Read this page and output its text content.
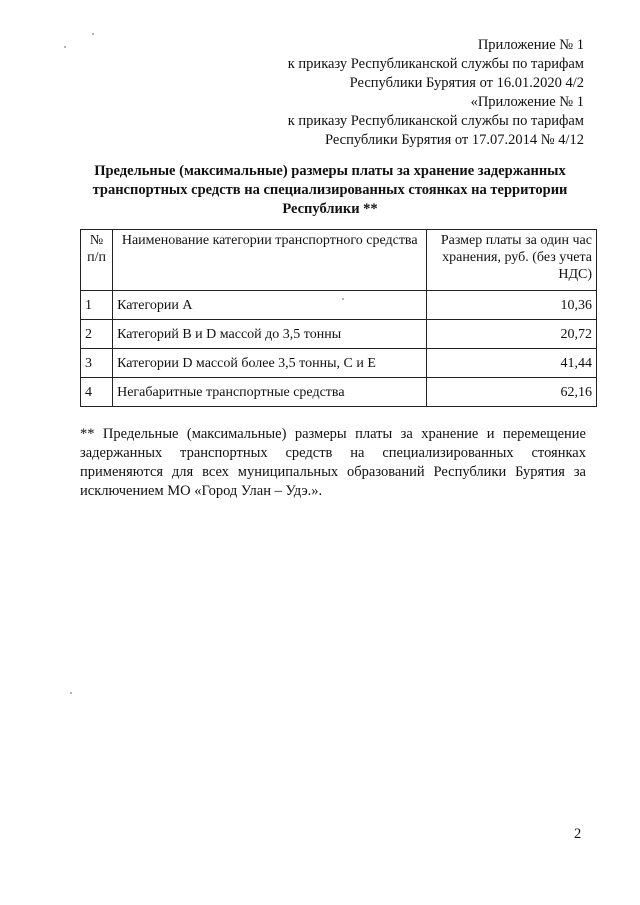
Приложение № 1
к приказу Республиканской службы по тарифам
Республики Бурятия от 16.01.2020 4/2
«Приложение № 1
к приказу Республиканской службы по тарифам
Республики Бурятия от 17.07.2014 № 4/12
Предельные (максимальные) размеры платы за хранение задержанных транспортных средств на специализированных стоянках на территории Республики **
№ п/п	Наименование категории транспортного средства	Размер платы за один час хранения, руб. (без учета НДС)
1	Категории А	10,36
2	Категорий В и D массой до 3,5 тонны	20,72
3	Категории D массой более 3,5 тонны, С и Е	41,44
4	Негабаритные транспортные средства	62,16
** Предельные (максимальные) размеры платы за хранение и перемещение задержанных транспортных средств на специализированных стоянках применяются для всех муниципальных образований Республики Бурятия за исключением МО «Город Улан – Удэ.».
2
